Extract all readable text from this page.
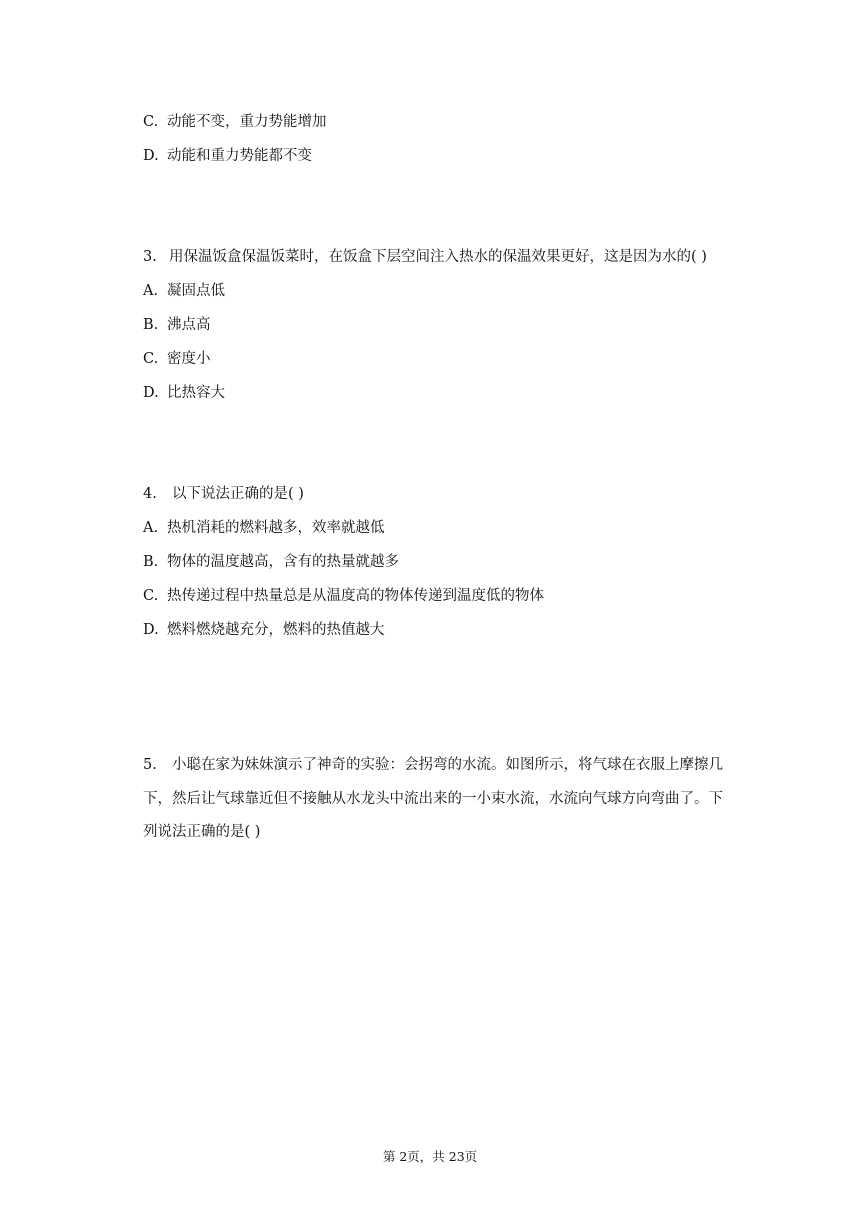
C. 动能不变，重力势能增加
D. 动能和重力势能都不变
3. 用保温饭盒保温饭菜时，在饭盒下层空间注入热水的保温效果更好，这是因为水的( )
A. 凝固点低
B. 沸点高
C. 密度小
D. 比热容大
4. 以下说法正确的是( )
A. 热机消耗的燃料越多，效率就越低
B. 物体的温度越高，含有的热量就越多
C. 热传递过程中热量总是从温度高的物体传递到温度低的物体
D. 燃料燃烧越充分，燃料的热值越大
5. 小聪在家为妹妹演示了神奇的实验：会拐弯的水流。如图所示，将气球在衣服上摩擦几
下，然后让气球靠近但不接触从水龙头中流出来的一小束水流，水流向气球方向弯曲了。下
列说法正确的是( )
第 2页，共 23页
